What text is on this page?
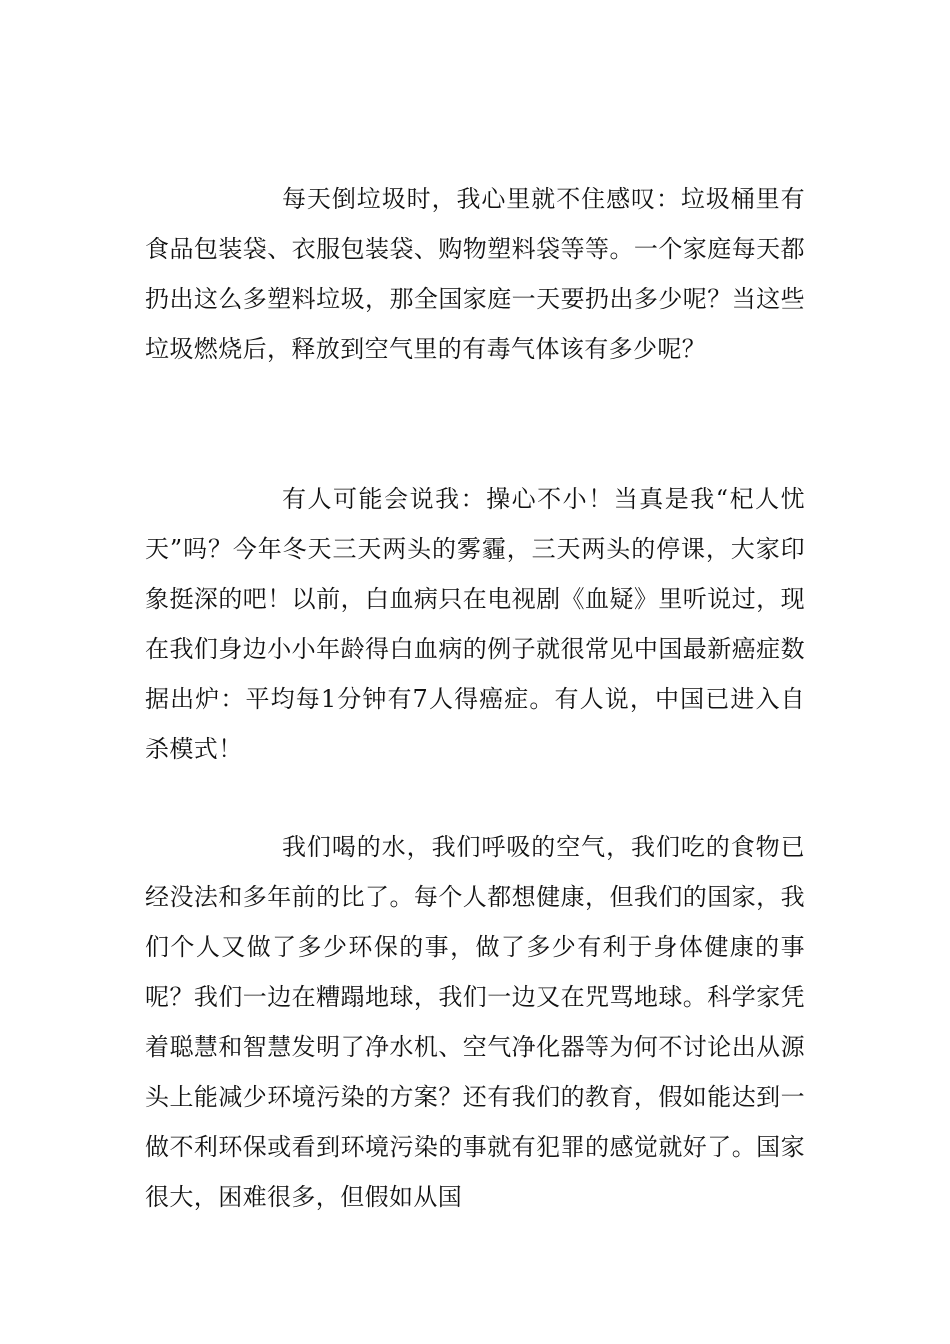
每天倒垃圾时，我心里就不住感叹：垃圾桶里有食品包装袋、衣服包装袋、购物塑料袋等等。一个家庭每天都扔出这么多塑料垃圾，那全国家庭一天要扔出多少呢？当这些垃圾燃烧后，释放到空气里的有毒气体该有多少呢？

有人可能会说我：操心不小！当真是我“杞人忧天”吗？今年冬天三天两头的雾霾，三天两头的停课，大家印象挺深的吧！以前，白血病只在电视剧《血疑》里听说过，现在我们身边小小年龄得白血病的例子就很常见中国最新癌症数据出炉：平均每1分钟有7人得癌症。有人说，中国已进入自杀模式！

我们喝的水，我们呼吸的空气，我们吃的食物已经没法和多年前的比了。每个人都想健康，但我们的国家，我们个人又做了多少环保的事，做了多少有利于身体健康的事呢？我们一边在糟蹋地球，我们一边又在咒骂地球。科学家凭着聪慧和智慧发明了净水机、空气净化器等为何不讨论出从源头上能减少环境污染的方案？还有我们的教育，假如能达到一做不利环保或看到环境污染的事就有犯罪的感觉就好了。国家很大，困难很多，但假如从国
